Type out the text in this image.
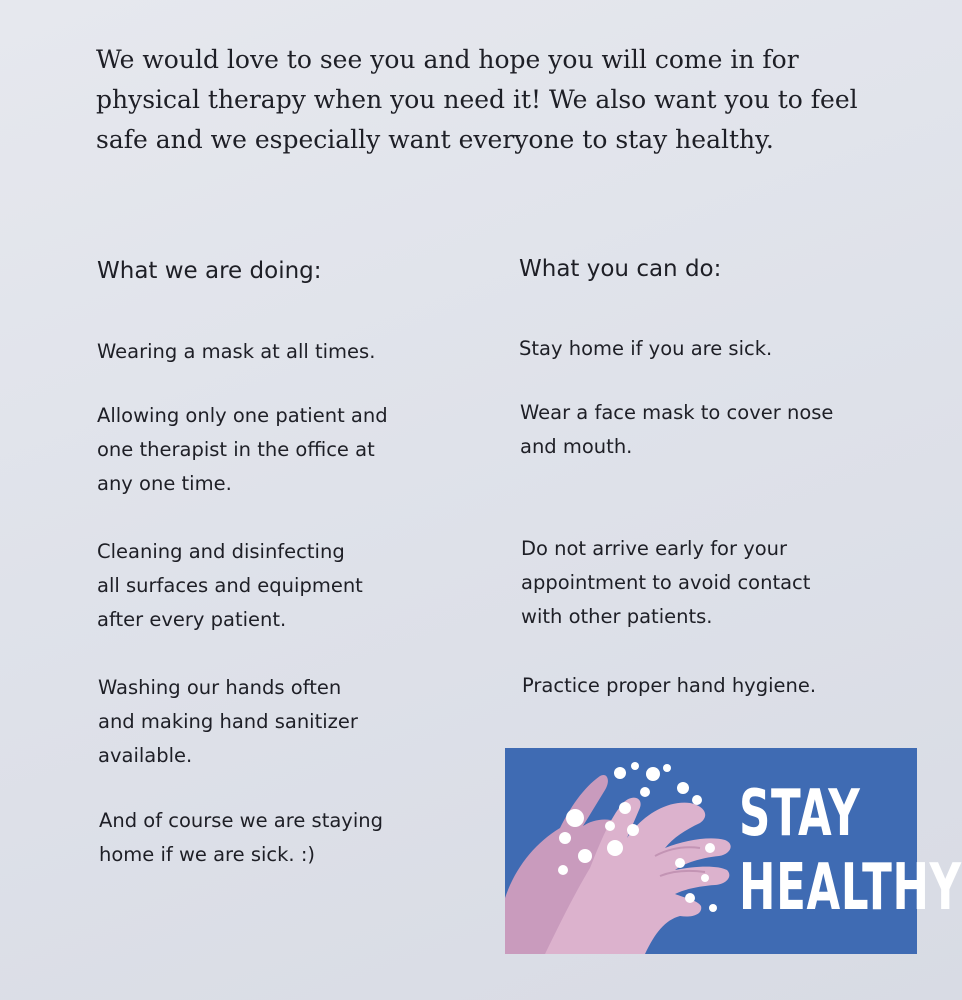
We would love to see you and hope you will come in for

physical therapy when you need it! We also want you to feel

safe and we especially want everyone to stay healthy.

What we are doing:
Wearing a mask at all times.
Allowing only one patient and
one therapist in the office at
any one time.
Cleaning and disinfecting
all surfaces and equipment
after every patient.
Washing our hands often
and making hand sanitizer
available.
And of course we are staying
home if we are sick. :)
What you can do:
Stay home if you are sick.
Wear a face mask to cover nose
and mouth.
Do not arrive early for your
appointment to avoid contact
with other patients.
Practice proper hand hygiene.
STAY
HEALTHY
